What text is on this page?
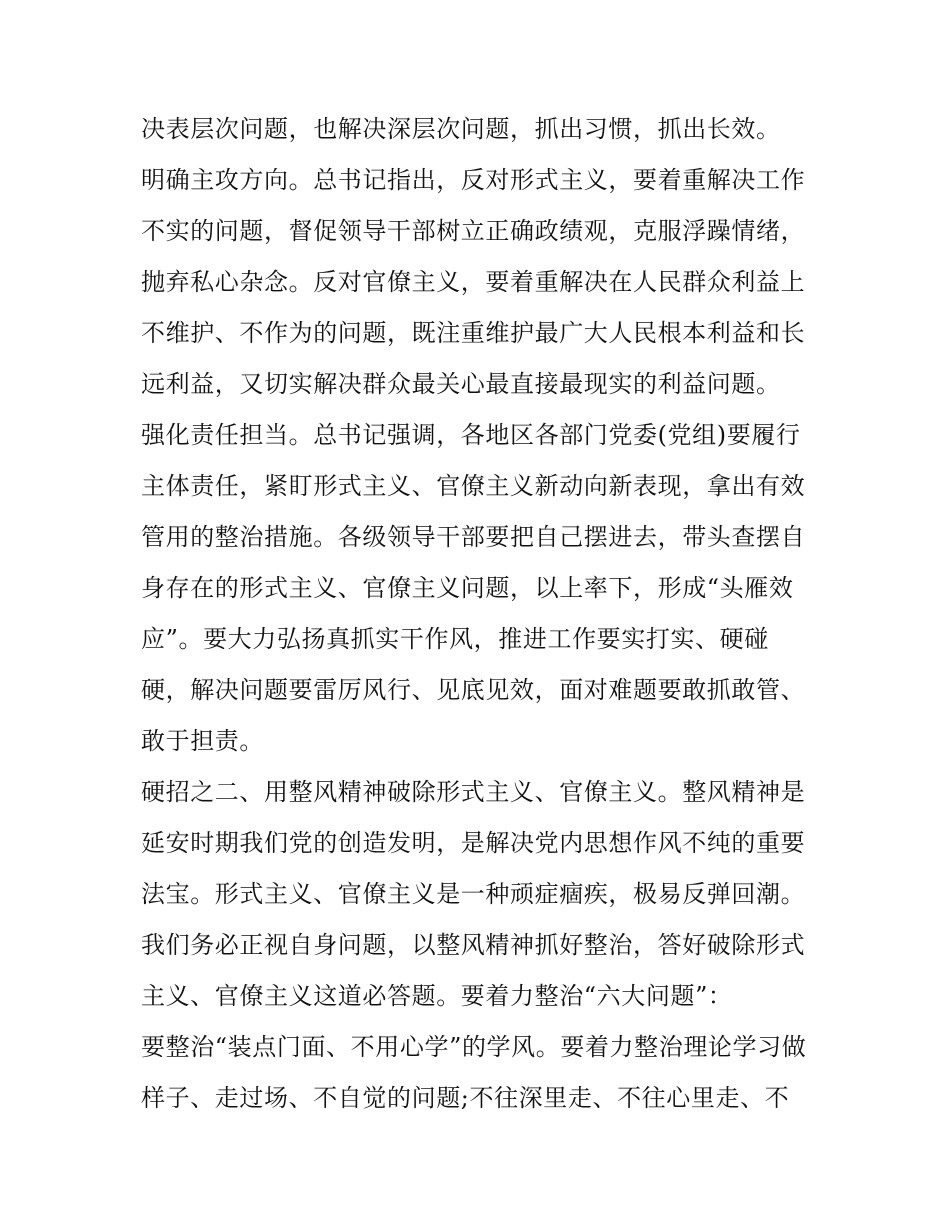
决表层次问题，也解决深层次问题，抓出习惯，抓出长效。
明确主攻方向。总书记指出，反对形式主义，要着重解决工作
不实的问题，督促领导干部树立正确政绩观，克服浮躁情绪，
抛弃私心杂念。反对官僚主义，要着重解决在人民群众利益上
不维护、不作为的问题，既注重维护最广大人民根本利益和长
远利益，又切实解决群众最关心最直接最现实的利益问题。
强化责任担当。总书记强调，各地区各部门党委(党组)要履行
主体责任，紧盯形式主义、官僚主义新动向新表现，拿出有效
管用的整治措施。各级领导干部要把自己摆进去，带头查摆自
身存在的形式主义、官僚主义问题，以上率下，形成“头雁效
应”。要大力弘扬真抓实干作风，推进工作要实打实、硬碰
硬，解决问题要雷厉风行、见底见效，面对难题要敢抓敢管、
敢于担责。
硬招之二、用整风精神破除形式主义、官僚主义。整风精神是
延安时期我们党的创造发明，是解决党内思想作风不纯的重要
法宝。形式主义、官僚主义是一种顽症痼疾，极易反弹回潮。
我们务必正视自身问题，以整风精神抓好整治，答好破除形式
主义、官僚主义这道必答题。要着力整治“六大问题”：
要整治“装点门面、不用心学”的学风。要着力整治理论学习做
样子、走过场、不自觉的问题;不往深里走、不往心里走、不
